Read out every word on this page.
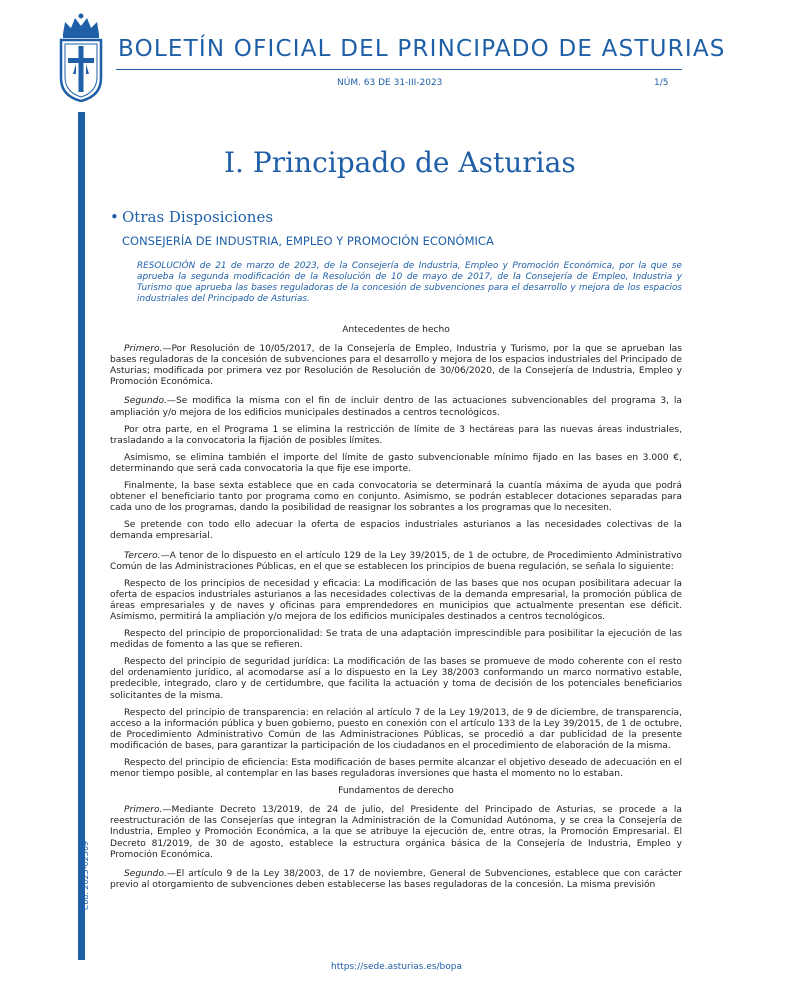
BOLETÍN OFICIAL DEL PRINCIPADO DE ASTURIAS
NÚM. 63 DE 31-III-2023	1/5
Cód. 2023-02369
I. Principado de Asturias
• Otras Disposiciones
CONSEJERÍA DE INDUSTRIA, EMPLEO Y PROMOCIÓN ECONÓMICA

RESOLUCIÓN de 21 de marzo de 2023, de la Consejería de Industria, Empleo y Promoción Económica, por la que se aprueba la segunda modificación de la Resolución de 10 de mayo de 2017, de la Consejería de Empleo, Industria y Turismo que aprueba las bases reguladoras de la concesión de subvenciones para el desarrollo y mejora de los espacios industriales del Principado de Asturias.

Antecedentes de hecho

Primero.—Por Resolución de 10/05/2017, de la Consejería de Empleo, Industria y Turismo, por la que se aprueban las bases reguladoras de la concesión de subvenciones para el desarrollo y mejora de los espacios industriales del Principado de Asturias; modificada por primera vez por Resolución de Resolución de 30/06/2020, de la Consejería de Industria, Empleo y Promoción Económica.

Segundo.—Se modifica la misma con el fin de incluir dentro de las actuaciones subvencionables del programa 3, la ampliación y/o mejora de los edificios municipales destinados a centros tecnológicos.

Por otra parte, en el Programa 1 se elimina la restricción de límite de 3 hectáreas para las nuevas áreas industriales, trasladando a la convocatoria la fijación de posibles límites.

Asimismo, se elimina también el importe del límite de gasto subvencionable mínimo fijado en las bases en 3.000 €, determinando que será cada convocatoria la que fije ese importe.

Finalmente, la base sexta establece que en cada convocatoria se determinará la cuantía máxima de ayuda que podrá obtener el beneficiario tanto por programa como en conjunto. Asimismo, se podrán establecer dotaciones separadas para cada uno de los programas, dando la posibilidad de reasignar los sobrantes a los programas que lo necesiten.

Se pretende con todo ello adecuar la oferta de espacios industriales asturianos a las necesidades colectivas de la demanda empresarial.

Tercero.—A tenor de lo dispuesto en el artículo 129 de la Ley 39/2015, de 1 de octubre, de Procedimiento Administrativo Común de las Administraciones Públicas, en el que se establecen los principios de buena regulación, se señala lo siguiente:

Respecto de los principios de necesidad y eficacia: La modificación de las bases que nos ocupan posibilitara adecuar la oferta de espacios industriales asturianos a las necesidades colectivas de la demanda empresarial, la promoción pública de áreas empresariales y de naves y oficinas para emprendedores en municipios que actualmente presentan ese déficit. Asimismo, permitirá la ampliación y/o mejora de los edificios municipales destinados a centros tecnológicos.

Respecto del principio de proporcionalidad: Se trata de una adaptación imprescindible para posibilitar la ejecución de las medidas de fomento a las que se refieren.

Respecto del principio de seguridad jurídica: La modificación de las bases se promueve de modo coherente con el resto del ordenamiento jurídico, al acomodarse así a lo dispuesto en la Ley 38/2003 conformando un marco normativo estable, predecible, integrado, claro y de certidumbre, que facilita la actuación y toma de decisión de los potenciales beneficiarios solicitantes de la misma.

Respecto del principio de transparencia: en relación al artículo 7 de la Ley 19/2013, de 9 de diciembre, de transparencia, acceso a la información pública y buen gobierno, puesto en conexión con el artículo 133 de la Ley 39/2015, de 1 de octubre, de Procedimiento Administrativo Común de las Administraciones Públicas, se procedió a dar publicidad de la presente modificación de bases, para garantizar la participación de los ciudadanos en el procedimiento de elaboración de la misma.

Respecto del principio de eficiencia: Esta modificación de bases permite alcanzar el objetivo deseado de adecuación en el menor tiempo posible, al contemplar en las bases reguladoras inversiones que hasta el momento no lo estaban.

Fundamentos de derecho

Primero.—Mediante Decreto 13/2019, de 24 de julio, del Presidente del Principado de Asturias, se procede a la reestructuración de las Consejerías que integran la Administración de la Comunidad Autónoma, y se crea la Consejería de Industria, Empleo y Promoción Económica, a la que se atribuye la ejecución de, entre otras, la Promoción Empresarial. El Decreto 81/2019, de 30 de agosto, establece la estructura orgánica básica de la Consejería de Industria, Empleo y Promoción Económica.

Segundo.—El artículo 9 de la Ley 38/2003, de 17 de noviembre, General de Subvenciones, establece que con carácter previo al otorgamiento de subvenciones deben establecerse las bases reguladoras de la concesión. La misma previsión

https://sede.asturias.es/bopa
